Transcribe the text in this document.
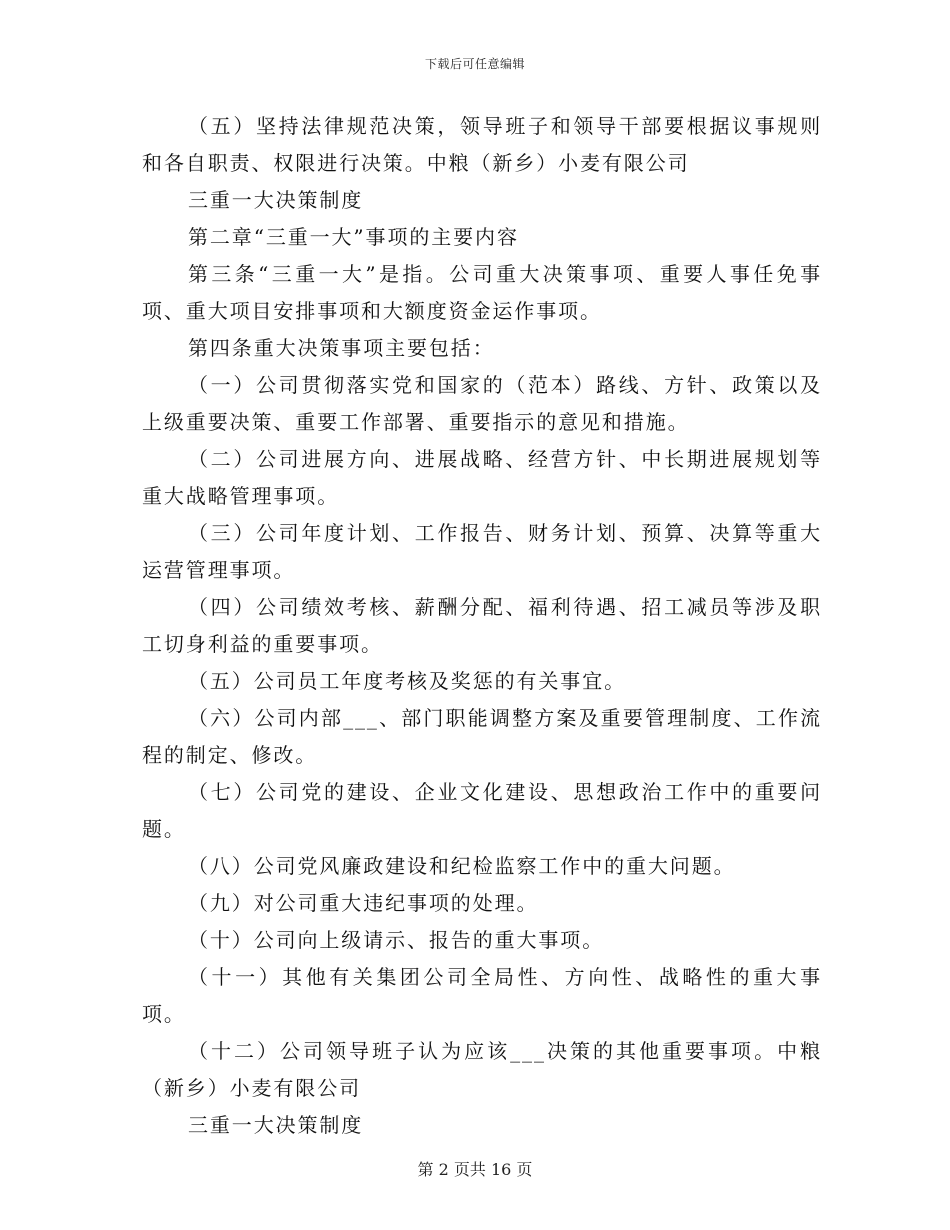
下载后可任意编辑

（五）坚持法律规范决策，领导班子和领导干部要根据议事规则和各自职责、权限进行决策。中粮（新乡）小麦有限公司

三重一大决策制度

第二章“三重一大”事项的主要内容

第三条“三重一大”是指。公司重大决策事项、重要人事任免事项、重大项目安排事项和大额度资金运作事项。

第四条重大决策事项主要包括：

（一）公司贯彻落实党和国家的（范本）路线、方针、政策以及上级重要决策、重要工作部署、重要指示的意见和措施。

（二）公司进展方向、进展战略、经营方针、中长期进展规划等重大战略管理事项。

（三）公司年度计划、工作报告、财务计划、预算、决算等重大运营管理事项。

（四）公司绩效考核、薪酬分配、福利待遇、招工减员等涉及职工切身利益的重要事项。

（五）公司员工年度考核及奖惩的有关事宜。

（六）公司内部___、部门职能调整方案及重要管理制度、工作流程的制定、修改。

（七）公司党的建设、企业文化建设、思想政治工作中的重要问题。

（八）公司党风廉政建设和纪检监察工作中的重大问题。

（九）对公司重大违纪事项的处理。

（十）公司向上级请示、报告的重大事项。

（十一）其他有关集团公司全局性、方向性、战略性的重大事项。

（十二）公司领导班子认为应该___决策的其他重要事项。中粮（新乡）小麦有限公司

三重一大决策制度

第 2 页共 16 页
